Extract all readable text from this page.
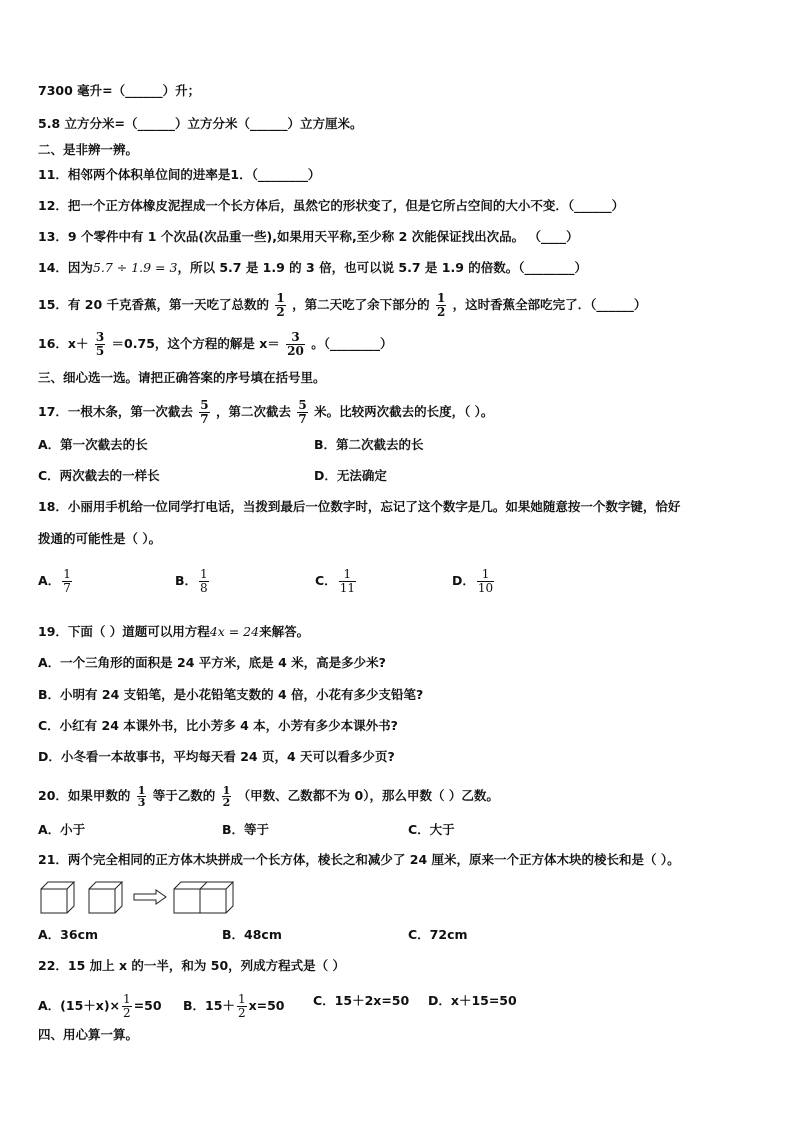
7300 毫升=（______）升；
5.8 立方分米=（______）立方分米（______）立方厘米。
二、是非辨一辨。
11．相邻两个体积单位间的进率是1．（________）
12．把一个正方体橡皮泥捏成一个长方体后，虽然它的形状变了，但是它所占空间的大小不变．（______）
13．9 个零件中有 1 个次品(次品重一些),如果用天平称,至少称 2 次能保证找出次品。 （____）
14．因为5.7 ÷ 1.9 = 3，所以 5.7 是 1.9 的 3 倍，也可以说 5.7 是 1.9 的倍数。（________）
15．有 20 千克香蕉，第一天吃了总数的 $\frac{1}{2}$ ，第二天吃了余下部分的 $\frac{1}{2}$ ，这时香蕉全部吃完了．（______）
16．$x+ \frac{3}{5} =0.75$，这个方程的解是 $x= \frac{3}{20}$ 。（________）
三、细心选一选。请把正确答案的序号填在括号里。
17．一根木条，第一次截去 $\frac{5}{7}$ ，第二次截去 $\frac{5}{7}$ 米。比较两次截去的长度，（ ）。
A．第一次截去的长	B．第二次截去的长
C．两次截去的一样长	D．无法确定
18．小丽用手机给一位同学打电话，当拨到最后一位数字时，忘记了这个数字是几。如果她随意按一个数字键，恰好
拨通的可能性是（ ）。
A． $\frac{1}{7}$	B． $\frac{1}{8}$	C． $\frac{1}{11}$	D． $\frac{1}{10}$
19．下面（ ）道题可以用方程4x = 24来解答。
A．一个三角形的面积是 24 平方米，底是 4 米，高是多少米?
B．小明有 24 支铅笔，是小花铅笔支数的 4 倍，小花有多少支铅笔?
C．小红有 24 本课外书，比小芳多 4 本，小芳有多少本课外书?
D．小冬看一本故事书，平均每天看 24 页，4 天可以看多少页?
20．如果甲数的 $\frac{1}{3}$ 等于乙数的 $\frac{1}{2}$ （甲数、乙数都不为 0），那么甲数（ ）乙数。
A．小于	B．等于	C．大于
21．两个完全相同的正方体木块拼成一个长方体，棱长之和减少了 24 厘米，原来一个正方体木块的棱长和是（ ）。
A．36cm	B．48cm	C．72cm
22．15 加上 x 的一半，和为 50，列成方程式是（ ）
A．$(15+x)\times \frac{1}{2} =50$ B．$15+ \frac{1}{2} x=50$ C．15＋2x=50 D．x＋15=50
四、用心算一算。
